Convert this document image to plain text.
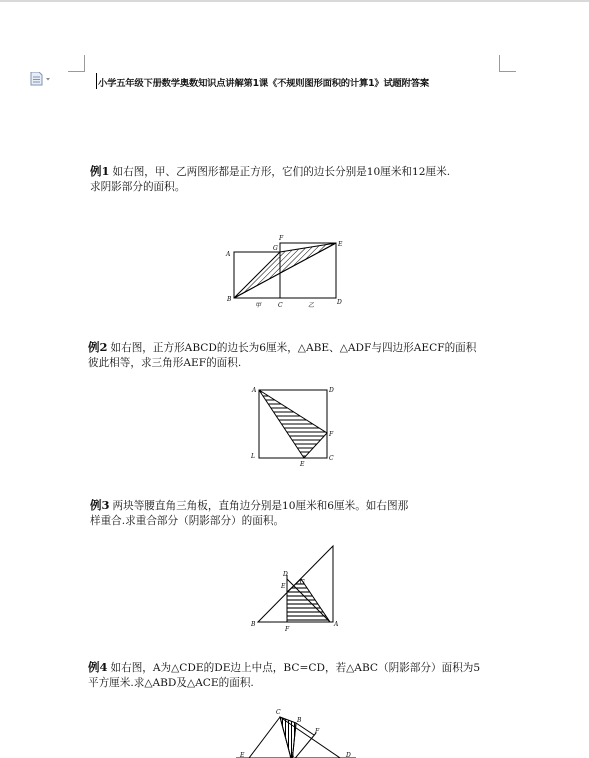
小学五年级下册数学奥数知识点讲解第1课《不规则图形面积的计算1》试题附答案
例1 如右图，甲、乙两图形都是正方形，它们的边长分别是10厘米和12厘米.
求阴影部分的面积。
A
F
G
E
B
甲	C	乙	D
例2 如右图，正方形ABCD的边长为6厘米，△ABE、△ADF与四边形AECF的面积
彼此相等，求三角形AEF的面积.
A	D
F
L
E
C
例3 两块等腰直角三角板，直角边分别是10厘米和6厘米。如右图那
样重合.求重合部分（阴影部分）的面积。
D
E
G
B
F
A
例4 如右图，A为△CDE的DE边上中点，BC=CD，若△ABC（阴影部分）面积为5
平方厘米.求△ABD及△ACE的面积.
C
B
F
E	A	D
